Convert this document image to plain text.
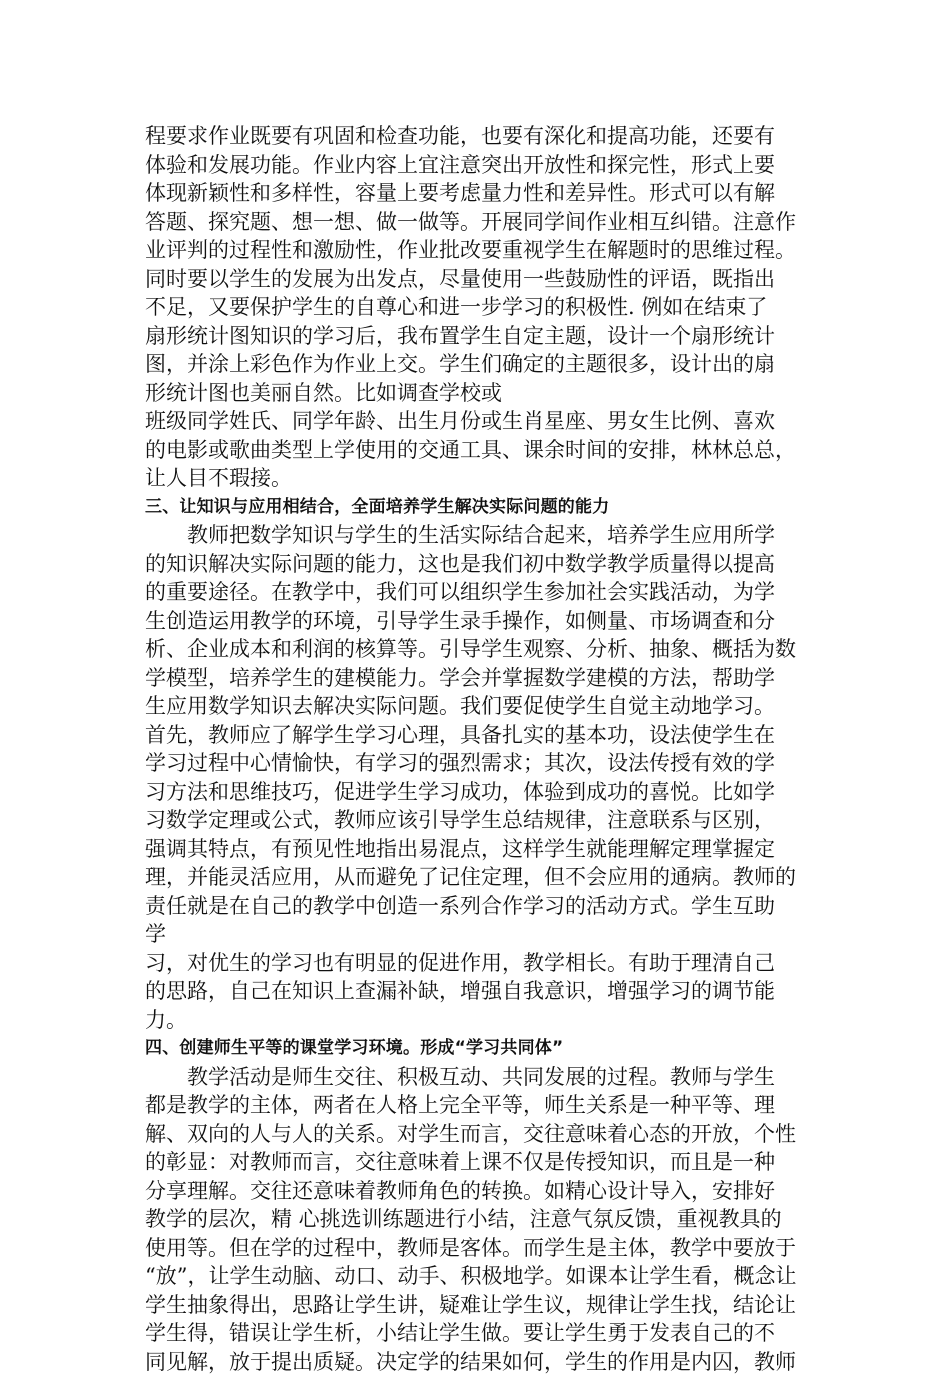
程要求作业既要有巩固和检查功能，也要有深化和提高功能，还要有
体验和发展功能。作业内容上宜注意突出开放性和探完性，形式上要
体现新颖性和多样性，容量上要考虑量力性和差异性。形式可以有解
答题、探究题、想一想、做一做等。开展同学间作业相互纠错。注意作
业评判的过程性和激励性，作业批改要重视学生在解题时的思维过程。
同时要以学生的发展为出发点，尽量使用一些鼓励性的评语，既指出
不足，又要保护学生的自尊心和进一步学习的积极性. 例如在结束了
扇形统计图知识的学习后，我布置学生自定主题，设计一个扇形统计
图，并涂上彩色作为作业上交。学生们确定的主题很多，设计出的扇
形统计图也美丽自然。比如调查学校或
班级同学姓氏、同学年龄、出生月份或生肖星座、男女生比例、喜欢
的电影或歌曲类型上学使用的交通工具、课余时间的安排，林林总总，
让人目不瑕接。
三、让知识与应用相结合，全面培养学生解决实际问题的能力
教师把数学知识与学生的生活实际结合起来，培养学生应用所学
的知识解决实际问题的能力，这也是我们初中数学教学质量得以提高
的重要途径。在教学中，我们可以组织学生参加社会实践活动，为学
生创造运用教学的环境，引导学生录手操作，如侧量、市场调查和分
析、企业成本和利润的核算等。引导学生观察、分析、抽象、概括为数
学模型，培养学生的建模能力。学会并掌握数学建模的方法，帮助学
生应用数学知识去解决实际问题。我们要促使学生自觉主动地学习。
首先，教师应了解学生学习心理，具备扎实的基本功，设法使学生在
学习过程中心情愉快，有学习的强烈需求；其次，设法传授有效的学
习方法和思维技巧，促进学生学习成功，体验到成功的喜悦。比如学
习数学定理或公式，教师应该引导学生总结规律，注意联系与区别，
强调其特点，有预见性地指出易混点，这样学生就能理解定理掌握定
理，并能灵活应用，从而避免了记住定理，但不会应用的通病。教师的
责任就是在自己的教学中创造一系列合作学习的活动方式。学生互助
学
习，对优生的学习也有明显的促进作用，教学相长。有助于理清自己
的思路，自己在知识上查漏补缺，增强自我意识，增强学习的调节能
力。
四、创建师生平等的课堂学习环境。形成“学习共同体”
教学活动是师生交往、积极互动、共同发展的过程。教师与学生
都是教学的主体，两者在人格上完全平等，师生关系是一种平等、理
解、双向的人与人的关系。对学生而言，交往意味着心态的开放，个性
的彰显：对教师而言，交往意味着上课不仅是传授知识，而且是一种
分享理解。交往还意味着教师角色的转换。如精心设计导入，安排好
教学的层次，精 心挑选训练题进行小结，注意气氛反馈，重视教具的
使用等。但在学的过程中，教师是客体。而学生是主体，教学中要放于
“放”，让学生动脑、动口、动手、积极地学。如课本让学生看，概念让
学生抽象得出，思路让学生讲，疑难让学生议，规律让学生找，结论让
学生得，错误让学生析，小结让学生做。要让学生勇于发表自己的不
同见解，放于提出质疑。决定学的结果如何，学生的作用是内囚，教师
